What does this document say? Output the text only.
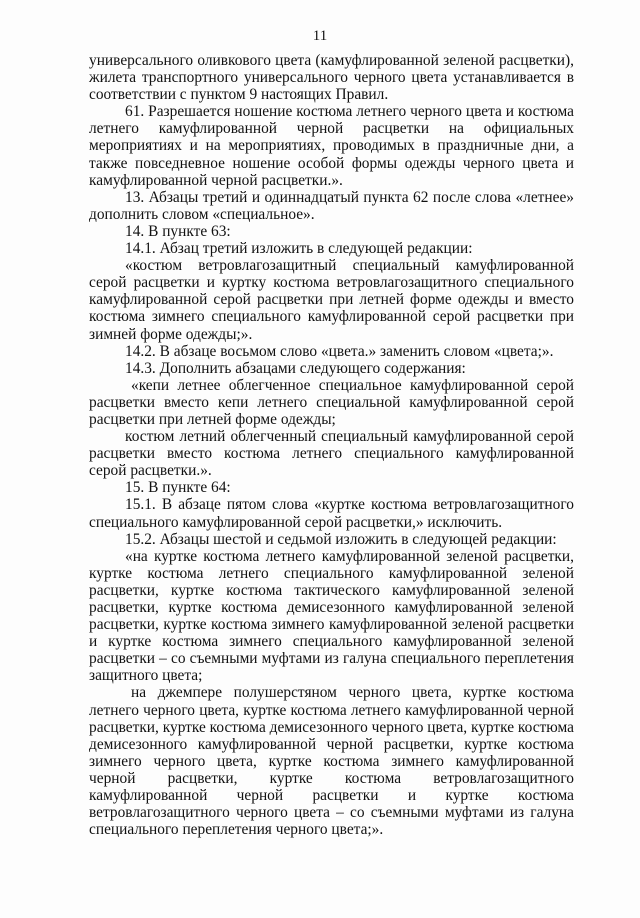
11

универсального оливкового цвета (камуфлированной зеленой расцветки), жилета транспортного универсального черного цвета устанавливается в соответствии с пунктом 9 настоящих Правил.

61. Разрешается ношение костюма летнего черного цвета и костюма летнего камуфлированной черной расцветки на официальных мероприятиях и на мероприятиях, проводимых в праздничные дни, а также повседневное ношение особой формы одежды черного цвета и камуфлированной черной расцветки.».

13. Абзацы третий и одиннадцатый пункта 62 после слова «летнее» дополнить словом «специальное».

14. В пункте 63:

14.1. Абзац третий изложить в следующей редакции:

«костюм ветровлагозащитный специальный камуфлированной серой расцветки и куртку костюма ветровлагозащитного специального камуфлированной серой расцветки при летней форме одежды и вместо костюма зимнего специального камуфлированной серой расцветки при зимней форме одежды;».

14.2. В абзаце восьмом слово «цвета.» заменить словом «цвета;».

14.3. Дополнить абзацами следующего содержания:

«кепи летнее облегченное специальное камуфлированной серой расцветки вместо кепи летнего специальной камуфлированной серой расцветки при летней форме одежды;

костюм летний облегченный специальный камуфлированной серой расцветки вместо костюма летнего специального камуфлированной серой расцветки.».

15. В пункте 64:

15.1. В абзаце пятом слова «куртке костюма ветровлагозащитного специального камуфлированной серой расцветки,» исключить.

15.2. Абзацы шестой и седьмой изложить в следующей редакции:

«на куртке костюма летнего камуфлированной зеленой расцветки, куртке костюма летнего специального камуфлированной зеленой расцветки, куртке костюма тактического камуфлированной зеленой расцветки, куртке костюма демисезонного камуфлированной зеленой расцветки, куртке костюма зимнего камуфлированной зеленой расцветки и куртке костюма зимнего специального камуфлированной зеленой расцветки – со съемными муфтами из галуна специального переплетения защитного цвета;

на джемпере полушерстяном черного цвета, куртке костюма летнего черного цвета, куртке костюма летнего камуфлированной черной расцветки, куртке костюма демисезонного черного цвета, куртке костюма демисезонного камуфлированной черной расцветки, куртке костюма зимнего черного цвета, куртке костюма зимнего камуфлированной черной расцветки, куртке костюма ветровлагозащитного камуфлированной черной расцветки и куртке костюма ветровлагозащитного черного цвета – со съемными муфтами из галуна специального переплетения черного цвета;».
